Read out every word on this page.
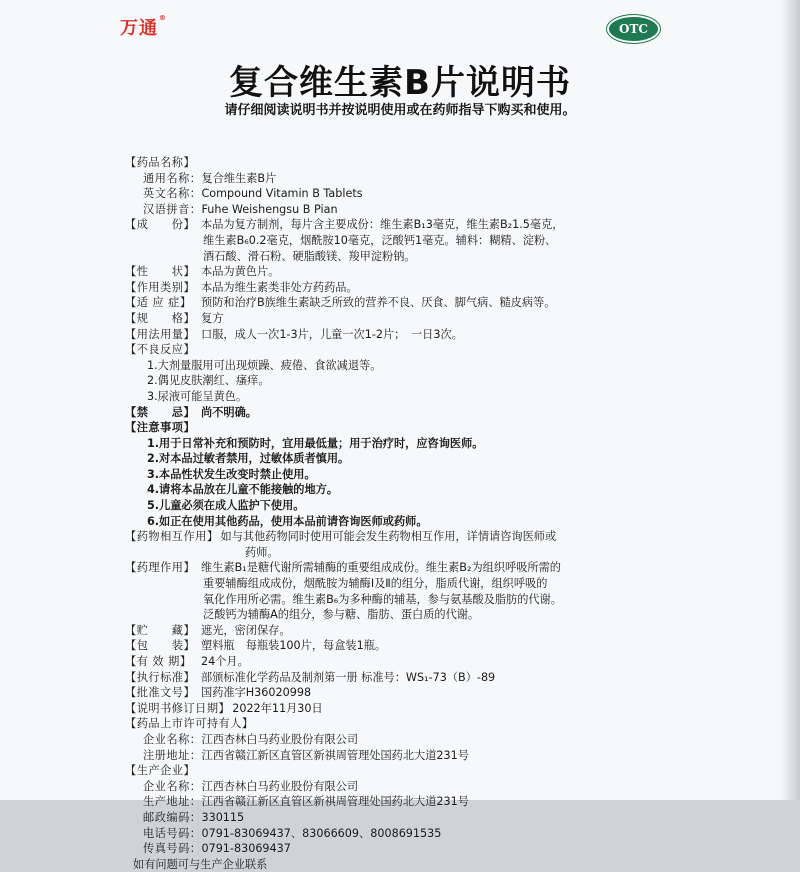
万通®
OTC
复合维生素B片说明书
请仔细阅读说明书并按说明使用或在药师指导下购买和使用。
【药品名称】
通用名称： 复合维生素B片
英文名称： Compound Vitamin B Tablets
汉语拼音： Fuhe Weishengsu B Pian
【成　　份】 本品为复方制剂，每片含主要成份：维生素B₁3毫克，维生素B₂1.5毫克，
维生素B₆0.2毫克，烟酰胺10毫克，泛酸钙1毫克。辅料：糊精、淀粉、
酒石酸、滑石粉、硬脂酸镁、羧甲淀粉钠。
【性　　状】 本品为黄色片。
【作用类别】 本品为维生素类非处方药药品。
【适 应 症】 预防和治疗B族维生素缺乏所致的营养不良、厌食、脚气病、糙皮病等。
【规　　格】 复方
【用法用量】 口服，成人一次1-3片，儿童一次1-2片；　一日3次。
【不良反应】
1.大剂量服用可出现烦躁、疲倦、食欲减退等。
2.偶见皮肤潮红、瘙痒。
3.尿液可能呈黄色。
【禁　　忌】 尚不明确。
【注意事项】
1.用于日常补充和预防时，宜用最低量；用于治疗时，应咨询医师。
2.对本品过敏者禁用，过敏体质者慎用。
3.本品性状发生改变时禁止使用。
4.请将本品放在儿童不能接触的地方。
5.儿童必须在成人监护下使用。
6.如正在使用其他药品，使用本品前请咨询医师或药师。
【药物相互作用】 如与其他药物同时使用可能会发生药物相互作用，详情请咨询医师或
药师。
【药理作用】 维生素B₁是糖代谢所需辅酶的重要组成成份。维生素B₂为组织呼吸所需的
重要辅酶组成成份，烟酰胺为辅酶Ⅰ及Ⅱ的组分，脂质代谢，组织呼吸的
氧化作用所必需。维生素B₆为多种酶的辅基，参与氨基酸及脂肪的代谢。
泛酸钙为辅酶A的组分，参与糖、脂肪、蛋白质的代谢。
【贮　　藏】 遮光，密闭保存。
【包　　装】 塑料瓶　每瓶装100片，每盒装1瓶。
【有 效 期】 24个月。
【执行标准】 部颁标准化学药品及制剂第一册 标准号：WS₁-73（B）-89
【批准文号】 国药准字H36020998
【说明书修订日期】 2022年11月30日
【药品上市许可持有人】
企业名称： 江西杏林白马药业股份有限公司
注册地址： 江西省赣江新区直管区新祺周管理处国药北大道231号
【生产企业】
企业名称： 江西杏林白马药业股份有限公司
生产地址： 江西省赣江新区直管区新祺周管理处国药北大道231号
邮政编码： 330115
电话号码： 0791-83069437、83066609、8008691535
传真号码： 0791-83069437
如有问题可与生产企业联系
